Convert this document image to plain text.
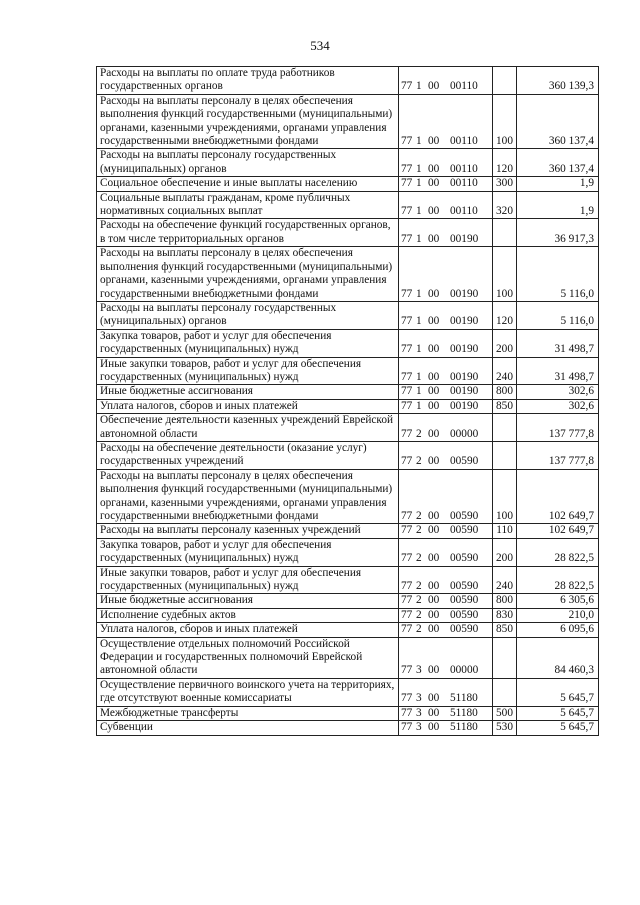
534
Расходы на выплаты по оплате труда работников государственных органов	77 1 00 00110		360 139,3
Расходы на выплаты персоналу в целях обеспечения выполнения функций государственными (муниципальными) органами, казенными учреждениями, органами управления государственными внебюджетными фондами	77 1 00 00110	100	360 137,4
Расходы на выплаты персоналу государственных (муниципальных) органов	77 1 00 00110	120	360 137,4
Социальное обеспечение и иные выплаты населению	77 1 00 00110	300	1,9
Социальные выплаты гражданам, кроме публичных нормативных социальных выплат	77 1 00 00110	320	1,9
Расходы на обеспечение функций государственных органов, в том числе территориальных органов	77 1 00 00190		36 917,3
Расходы на выплаты персоналу в целях обеспечения выполнения функций государственными (муниципальными) органами, казенными учреждениями, органами управления государственными внебюджетными фондами	77 1 00 00190	100	5 116,0
Расходы на выплаты персоналу государственных (муниципальных) органов	77 1 00 00190	120	5 116,0
Закупка товаров, работ и услуг для обеспечения государственных (муниципальных) нужд	77 1 00 00190	200	31 498,7
Иные закупки товаров, работ и услуг для обеспечения государственных (муниципальных) нужд	77 1 00 00190	240	31 498,7
Иные бюджетные ассигнования	77 1 00 00190	800	302,6
Уплата налогов, сборов и иных платежей	77 1 00 00190	850	302,6
Обеспечение деятельности казенных учреждений Еврейской автономной области	77 2 00 00000		137 777,8
Расходы на обеспечение деятельности (оказание услуг) государственных учреждений	77 2 00 00590		137 777,8
Расходы на выплаты персоналу в целях обеспечения выполнения функций государственными (муниципальными) органами, казенными учреждениями, органами управления государственными внебюджетными фондами	77 2 00 00590	100	102 649,7
Расходы на выплаты персоналу казенных учреждений	77 2 00 00590	110	102 649,7
Закупка товаров, работ и услуг для обеспечения государственных (муниципальных) нужд	77 2 00 00590	200	28 822,5
Иные закупки товаров, работ и услуг для обеспечения государственных (муниципальных) нужд	77 2 00 00590	240	28 822,5
Иные бюджетные ассигнования	77 2 00 00590	800	6 305,6
Исполнение судебных актов	77 2 00 00590	830	210,0
Уплата налогов, сборов и иных платежей	77 2 00 00590	850	6 095,6
Осуществление отдельных полномочий Российской Федерации и государственных полномочий Еврейской автономной области	77 3 00 00000		84 460,3
Осуществление первичного воинского учета на территориях, где отсутствуют военные комиссариаты	77 3 00 51180		5 645,7
Межбюджетные трансферты	77 3 00 51180	500	5 645,7
Субвенции	77 3 00 51180	530	5 645,7
